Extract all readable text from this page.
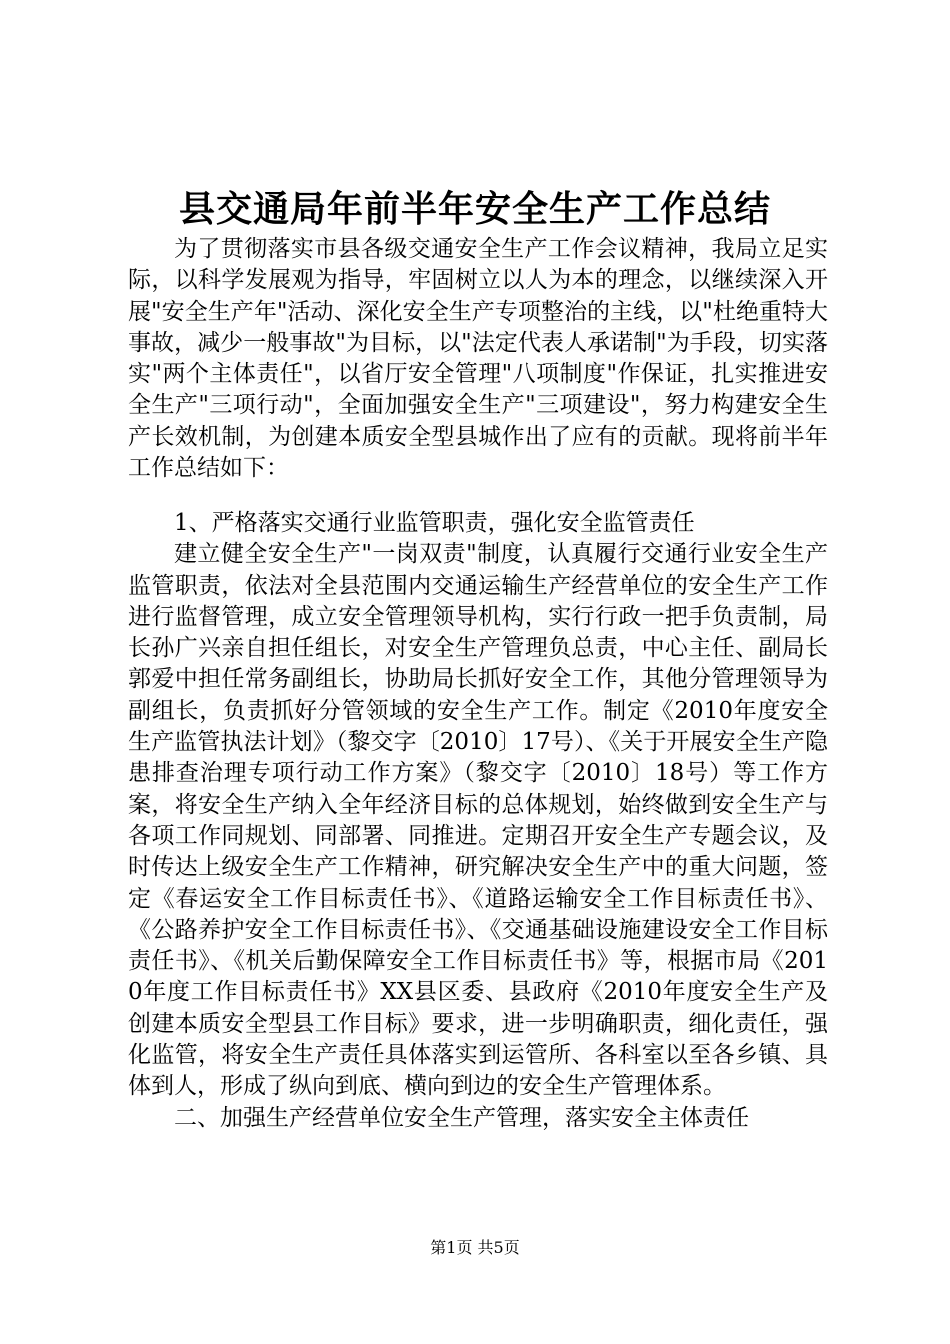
县交通局年前半年安全生产工作总结

为了贯彻落实市县各级交通安全生产工作会议精神，我局立足实际，以科学发展观为指导，牢固树立以人为本的理念，以继续深入开展"安全生产年"活动、深化安全生产专项整治的主线，以"杜绝重特大事故，减少一般事故"为目标，以"法定代表人承诺制"为手段，切实落实"两个主体责任"，以省厅安全管理"八项制度"作保证，扎实推进安全生产"三项行动"，全面加强安全生产"三项建设"，努力构建安全生产长效机制，为创建本质安全型县城作出了应有的贡献。现将前半年工作总结如下：

1、严格落实交通行业监管职责，强化安全监管责任

建立健全安全生产"一岗双责"制度，认真履行交通行业安全生产监管职责，依法对全县范围内交通运输生产经营单位的安全生产工作进行监督管理，成立安全管理领导机构，实行行政一把手负责制，局长孙广兴亲自担任组长，对安全生产管理负总责，中心主任、副局长郭爱中担任常务副组长，协助局长抓好安全工作，其他分管理领导为副组长，负责抓好分管领域的安全生产工作。制定《2010年度安全生产监管执法计划》（黎交字〔2010〕17号）、《关于开展安全生产隐患排查治理专项行动工作方案》（黎交字〔2010〕18号）等工作方案，将安全生产纳入全年经济目标的总体规划，始终做到安全生产与各项工作同规划、同部署、同推进。定期召开安全生产专题会议，及时传达上级安全生产工作精神，研究解决安全生产中的重大问题，签定《春运安全工作目标责任书》、《道路运输安全工作目标责任书》、《公路养护安全工作目标责任书》、《交通基础设施建设安全工作目标责任书》、《机关后勤保障安全工作目标责任书》等，根据市局《2010年度工作目标责任书》XX县区委、县政府《2010年度安全生产及创建本质安全型县工作目标》要求，进一步明确职责，细化责任，强化监管，将安全生产责任具体落实到运管所、各科室以至各乡镇、具体到人，形成了纵向到底、横向到边的安全生产管理体系。

二、加强生产经营单位安全生产管理，落实安全主体责任

第1页 共5页
